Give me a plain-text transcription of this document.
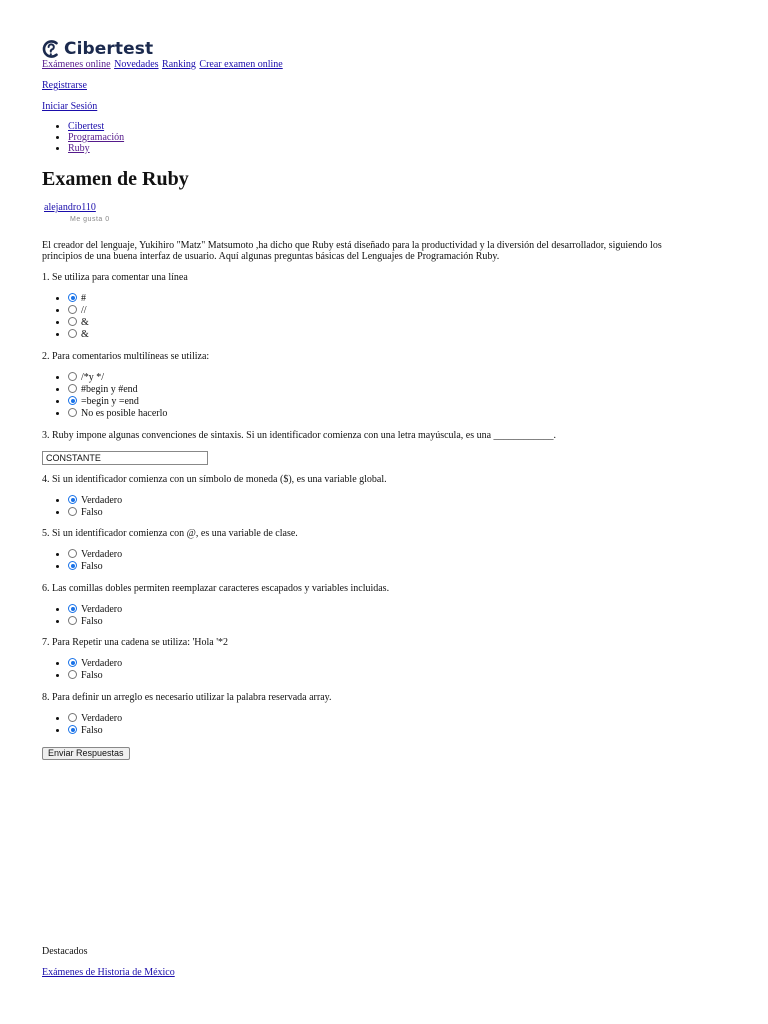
Cibertest
Exámenes online Novedades Ranking Crear examen online
Registrarse
Iniciar Sesión
• Cibertest
• Programación
• Ruby
Examen de Ruby
alejandro110
Me gusta 0

El creador del lenguaje, Yukihiro "Matz" Matsumoto ,ha dicho que Ruby está diseñado para la productividad y la diversión del desarrollador, siguiendo los principios de una buena interfaz de usuario. Aquí algunas preguntas básicas del Lenguajes de Programación Ruby.

1. Se utiliza para comentar una línea

• #
• //
• &
• &

2. Para comentarios multilíneas se utiliza:

• /*y */
• #begin y #end
• =begin y =end
• No es posible hacerlo

3. Ruby impone algunas convenciones de sintaxis. Si un identificador comienza con una letra mayúscula, es una ____________.

CONSTANTE

4. Si un identificador comienza con un símbolo de moneda ($), es una variable global.

• Verdadero
• Falso

5. Si un identificador comienza con @, es una variable de clase.

• Verdadero
• Falso

6. Las comillas dobles permiten reemplazar caracteres escapados y variables incluidas.

• Verdadero
• Falso

7. Para Repetir una cadena se utiliza: 'Hola '*2

• Verdadero
• Falso

8. Para definir un arreglo es necesario utilizar la palabra reservada array.

• Verdadero
• Falso
Enviar Respuestas
Destacados
Exámenes de Historia de México
